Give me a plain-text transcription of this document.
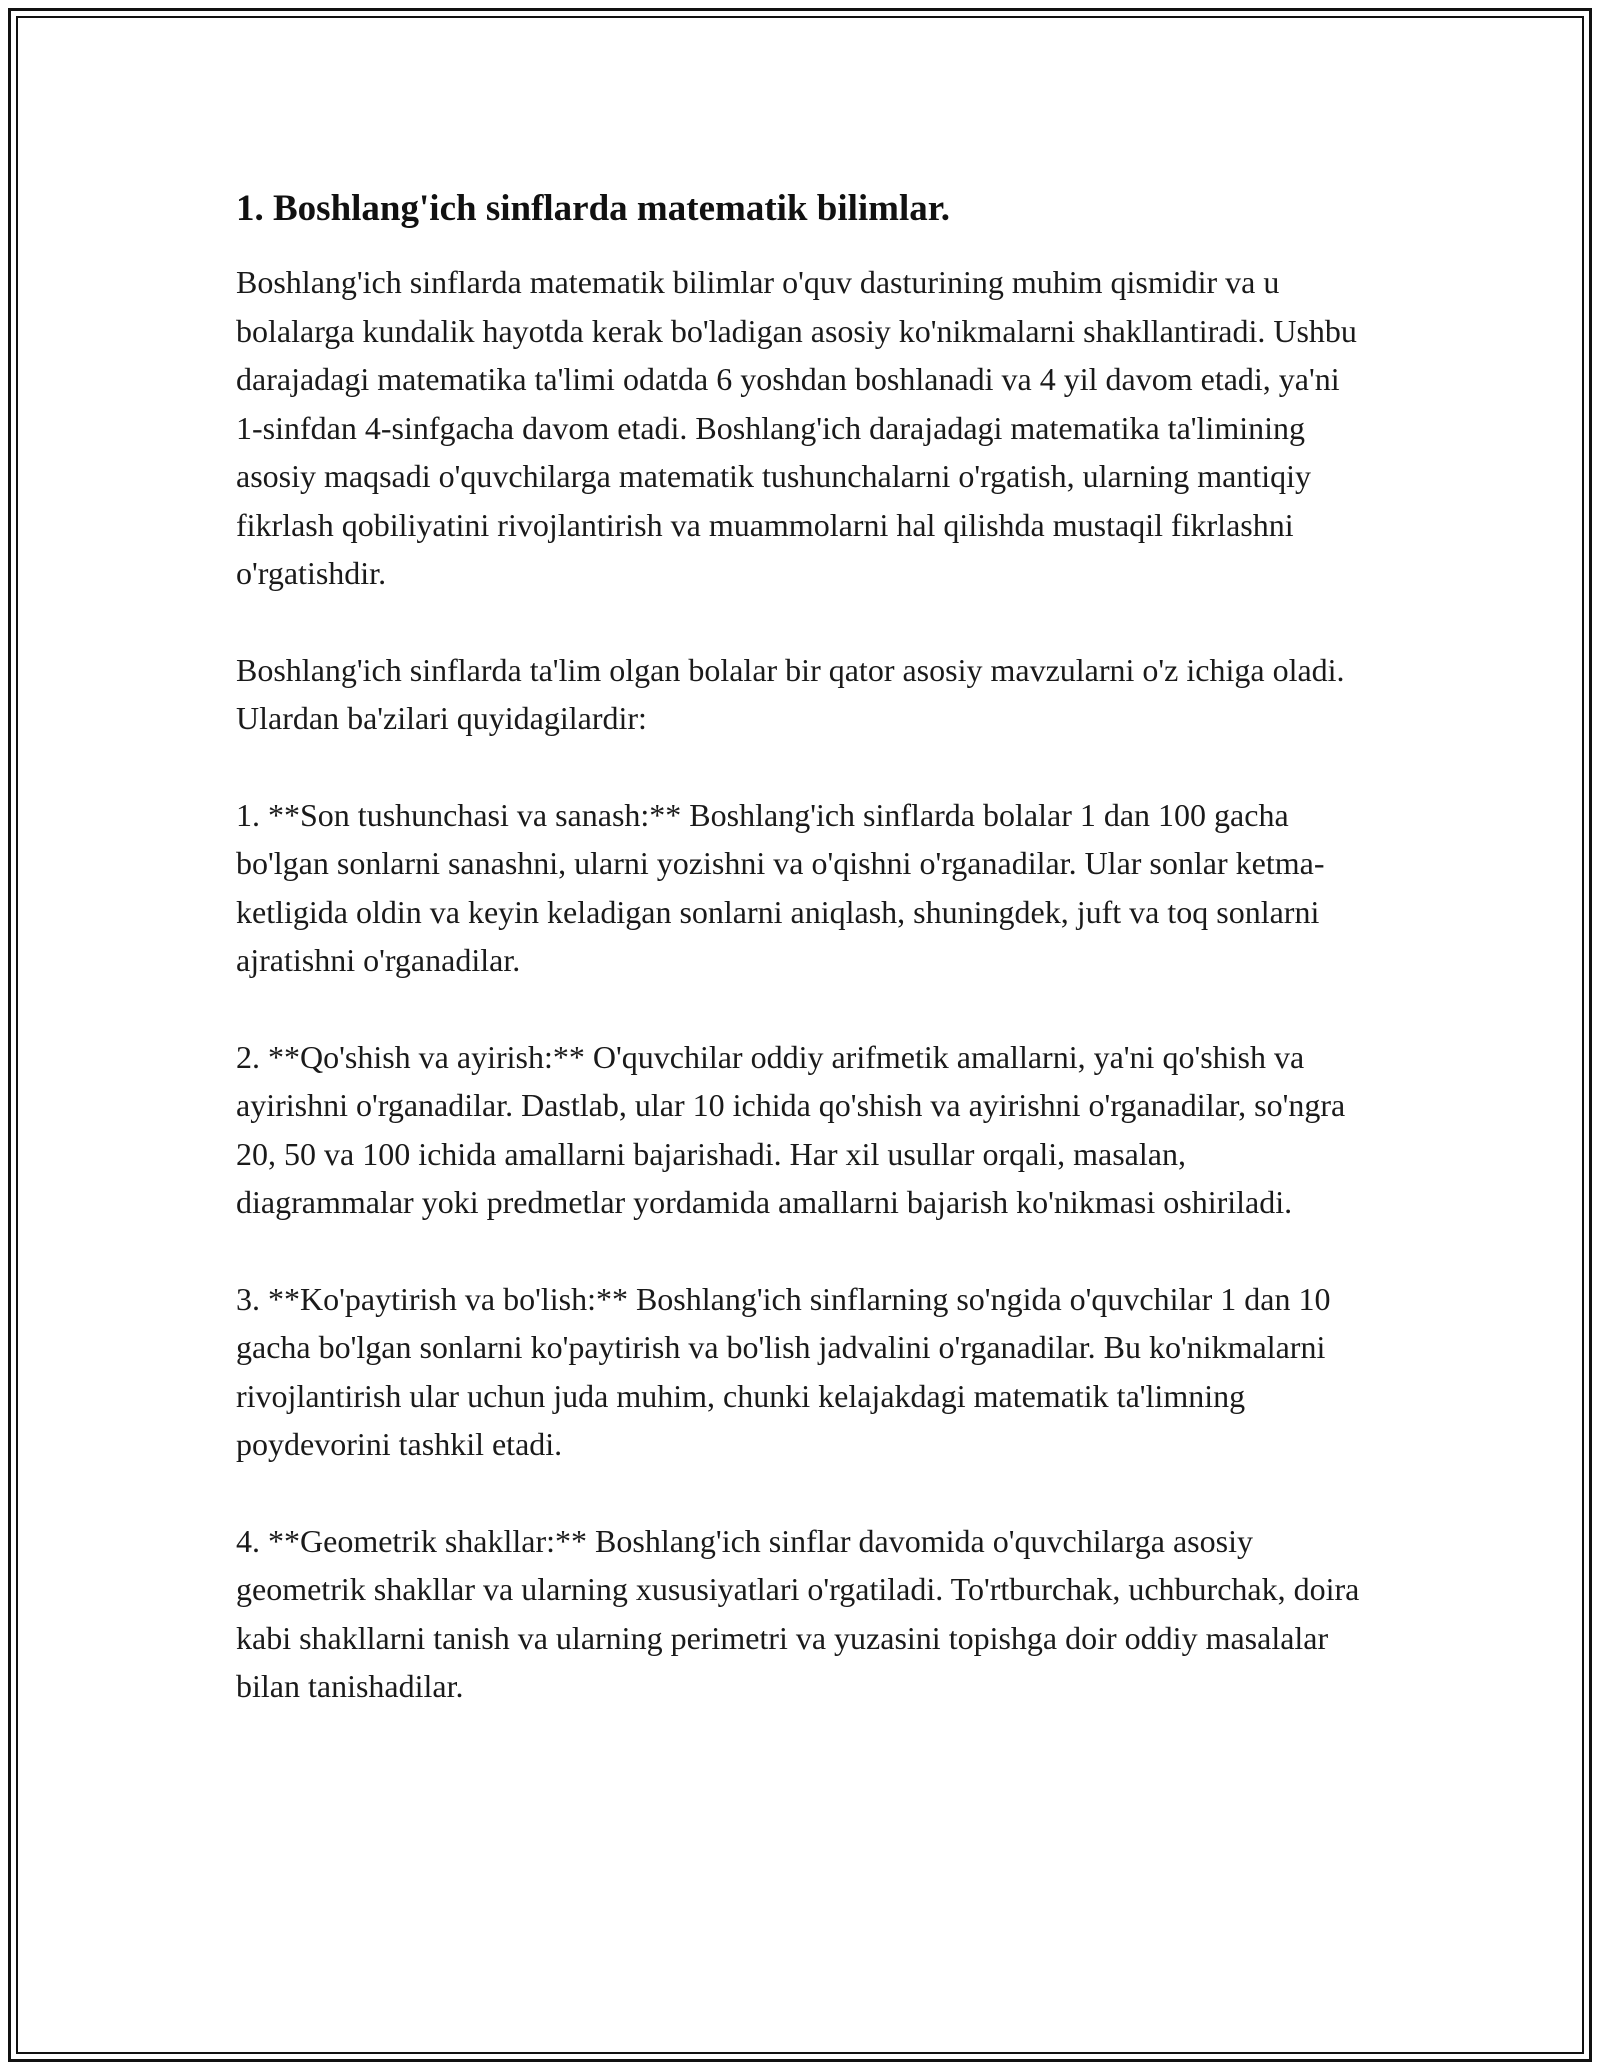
1. Boshlang'ich sinflarda matematik bilimlar.

Boshlang'ich sinflarda matematik bilimlar o'quv dasturining muhim qismidir va u bolalarga kundalik hayotda kerak bo'ladigan asosiy ko'nikmalarni shakllantiradi. Ushbu darajadagi matematika ta'limi odatda 6 yoshdan boshlanadi va 4 yil davom etadi, ya'ni 1-sinfdan 4-sinfgacha davom etadi. Boshlang'ich darajadagi matematika ta'limining asosiy maqsadi o'quvchilarga matematik tushunchalarni o'rgatish, ularning mantiqiy fikrlash qobiliyatini rivojlantirish va muammolarni hal qilishda mustaqil fikrlashni o'rgatishdir.

Boshlang'ich sinflarda ta'lim olgan bolalar bir qator asosiy mavzularni o'z ichiga oladi. Ulardan ba'zilari quyidagilardir:

1. **Son tushunchasi va sanash:** Boshlang'ich sinflarda bolalar 1 dan 100 gacha bo'lgan sonlarni sanashni, ularni yozishni va o'qishni o'rganadilar. Ular sonlar ketma-ketligida oldin va keyin keladigan sonlarni aniqlash, shuningdek, juft va toq sonlarni ajratishni o'rganadilar.

2. **Qo'shish va ayirish:** O'quvchilar oddiy arifmetik amallarni, ya'ni qo'shish va ayirishni o'rganadilar. Dastlab, ular 10 ichida qo'shish va ayirishni o'rganadilar, so'ngra 20, 50 va 100 ichida amallarni bajarishadi. Har xil usullar orqali, masalan, diagrammalar yoki predmetlar yordamida amallarni bajarish ko'nikmasi oshiriladi.

3. **Ko'paytirish va bo'lish:** Boshlang'ich sinflarning so'ngida o'quvchilar 1 dan 10 gacha bo'lgan sonlarni ko'paytirish va bo'lish jadvalini o'rganadilar. Bu ko'nikmalarni rivojlantirish ular uchun juda muhim, chunki kelajakdagi matematik ta'limning poydevorini tashkil etadi.

4. **Geometrik shakllar:** Boshlang'ich sinflar davomida o'quvchilarga asosiy geometrik shakllar va ularning xususiyatlari o'rgatiladi. To'rtburchak, uchburchak, doira kabi shakllarni tanish va ularning perimetri va yuzasini topishga doir oddiy masalalar bilan tanishadilar.
